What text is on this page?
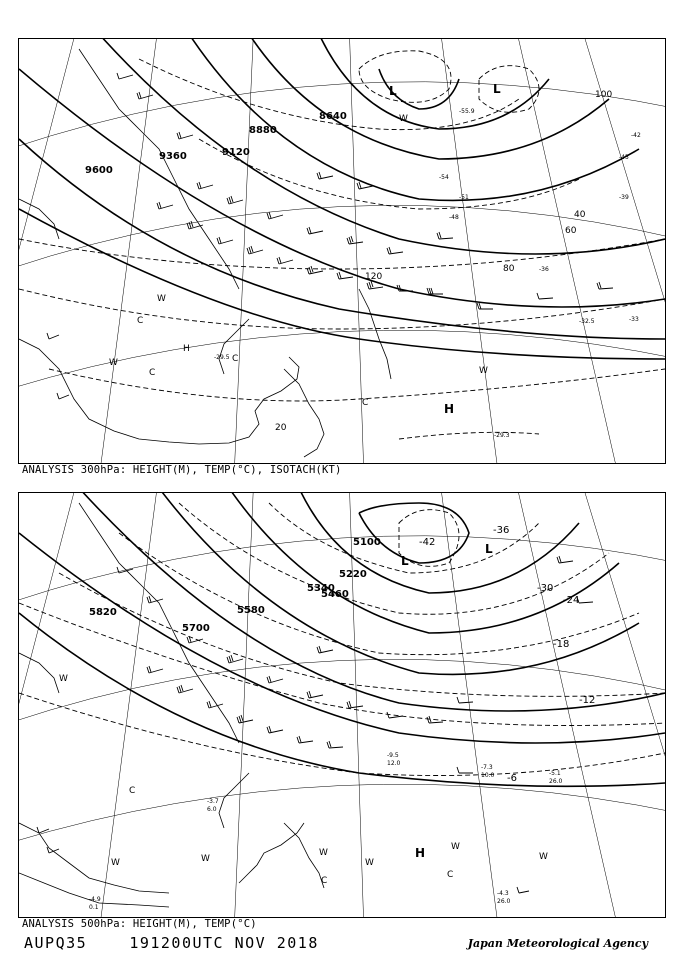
9600
9360	9120
8880
8640
20
40
60
80
100
120
L	L
H
C
C
C
C
W
W
W
W
H
-29.3
-29.5
-32.5	-33
-36
-39
-42
-45
-48
-51
-54
-55.9
ANALYSIS 300hPa: HEIGHT(M), TEMP(°C), ISOTACH(KT)
5820
5700
5580
5460
5340
5220
5100
-6
-12
-18
-24
-30
-36
-42
L
L
H
W
W	W
W
W
W
C
C
C
W
-7.3
10.0	-5.1
26.0
-4.3
26.0
-4.9
0.1
-9.5
12.0
-3.7
6.0
ANALYSIS 500hPa: HEIGHT(M), TEMP(°C)
AUPQ35	191200UTC NOV 2018	Japan Meteorological Agency
